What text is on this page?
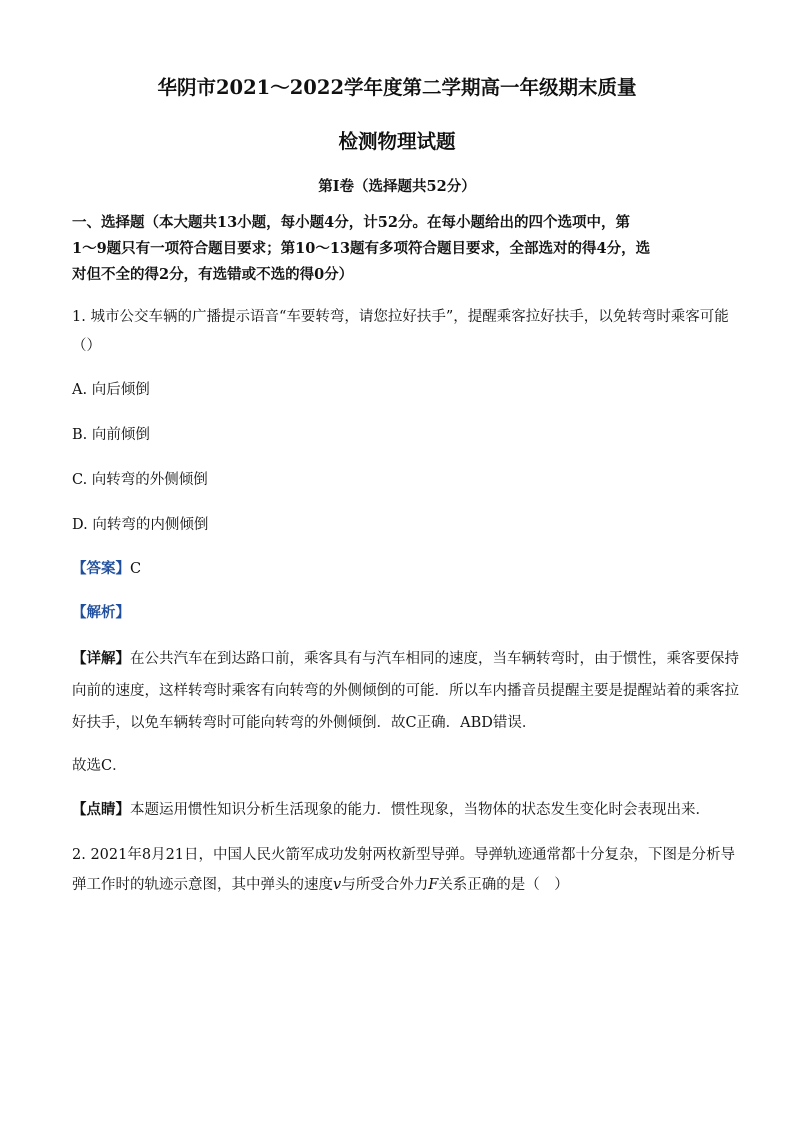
华阴市2021～2022学年度第二学期高一年级期末质量
检测物理试题
第Ⅰ卷（选择题共52分）
一、选择题（本大题共13小题，每小题4分，计52分。在每小题给出的四个选项中，第
1～9题只有一项符合题目要求；第10～13题有多项符合题目要求，全部选对的得4分，选
对但不全的得2分，有选错或不选的得0分）
1. 城市公交车辆的广播提示语音“车要转弯，请您拉好扶手”，提醒乘客拉好扶手，以免转弯时乘客可能
（）
A. 向后倾倒
B. 向前倾倒
C. 向转弯的外侧倾倒
D. 向转弯的内侧倾倒
【答案】C
【解析】
【详解】在公共汽车在到达路口前，乘客具有与汽车相同的速度，当车辆转弯时，由于惯性，乘客要保持
向前的速度，这样转弯时乘客有向转弯的外侧倾倒的可能．所以车内播音员提醒主要是提醒站着的乘客拉
好扶手，以免车辆转弯时可能向转弯的外侧倾倒．故C正确．ABD错误．
故选C．
【点睛】本题运用惯性知识分析生活现象的能力．惯性现象，当物体的状态发生变化时会表现出来．
2. 2021年8月21日，中国人民火箭军成功发射两枚新型导弹。导弹轨迹通常都十分复杂，下图是分析导
弹工作时的轨迹示意图，其中弹头的速度v与所受合外力F关系正确的是（　）
